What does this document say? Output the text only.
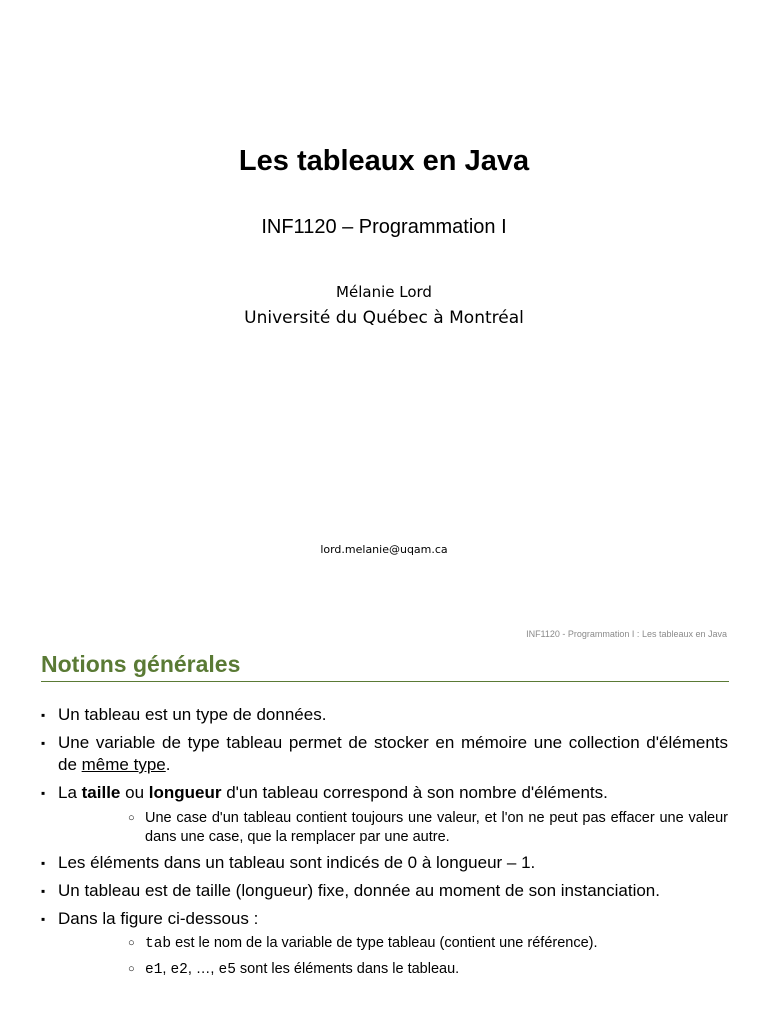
Les tableaux en Java
INF1120 – Programmation I
Mélanie Lord
Université du Québec à Montréal
lord.melanie@uqam.ca
INF1120 - Programmation I : Les tableaux en Java
Notions générales
▪ Un tableau est un type de données.
▪ Une variable de type tableau permet de stocker en mémoire une collection d'éléments de même type.
▪ La taille ou longueur d'un tableau correspond à son nombre d'éléments.
○ Une case d'un tableau contient toujours une valeur, et l'on ne peut pas effacer une valeur dans une case, que la remplacer par une autre.
▪ Les éléments dans un tableau sont indicés de 0 à longueur – 1.
▪ Un tableau est de taille (longueur) fixe, donnée au moment de son instanciation.
▪ Dans la figure ci-dessous :
○ tab est le nom de la variable de type tableau (contient une référence).
○ e1, e2, …, e5 sont les éléments dans le tableau.
